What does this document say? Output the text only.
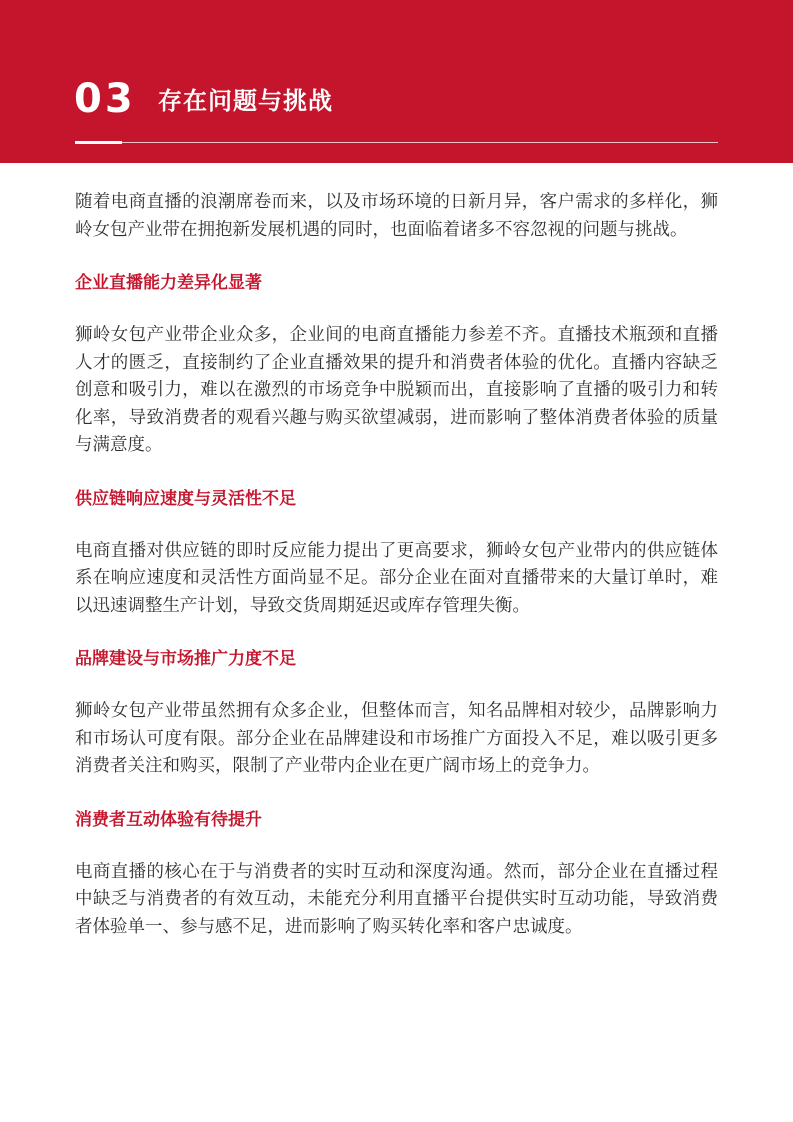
03 存在问题与挑战

随着电商直播的浪潮席卷而来，以及市场环境的日新月异，客户需求的多样化，狮岭女包产业带在拥抱新发展机遇的同时，也面临着诸多不容忽视的问题与挑战。

企业直播能力差异化显著

狮岭女包产业带企业众多，企业间的电商直播能力参差不齐。直播技术瓶颈和直播人才的匮乏，直接制约了企业直播效果的提升和消费者体验的优化。直播内容缺乏创意和吸引力，难以在激烈的市场竞争中脱颖而出，直接影响了直播的吸引力和转化率，导致消费者的观看兴趣与购买欲望减弱，进而影响了整体消费者体验的质量与满意度。

供应链响应速度与灵活性不足

电商直播对供应链的即时反应能力提出了更高要求，狮岭女包产业带内的供应链体系在响应速度和灵活性方面尚显不足。部分企业在面对直播带来的大量订单时，难以迅速调整生产计划，导致交货周期延迟或库存管理失衡。

品牌建设与市场推广力度不足

狮岭女包产业带虽然拥有众多企业，但整体而言，知名品牌相对较少，品牌影响力和市场认可度有限。部分企业在品牌建设和市场推广方面投入不足，难以吸引更多消费者关注和购买，限制了产业带内企业在更广阔市场上的竞争力。

消费者互动体验有待提升

电商直播的核心在于与消费者的实时互动和深度沟通。然而，部分企业在直播过程中缺乏与消费者的有效互动，未能充分利用直播平台提供实时互动功能，导致消费者体验单一、参与感不足，进而影响了购买转化率和客户忠诚度。
